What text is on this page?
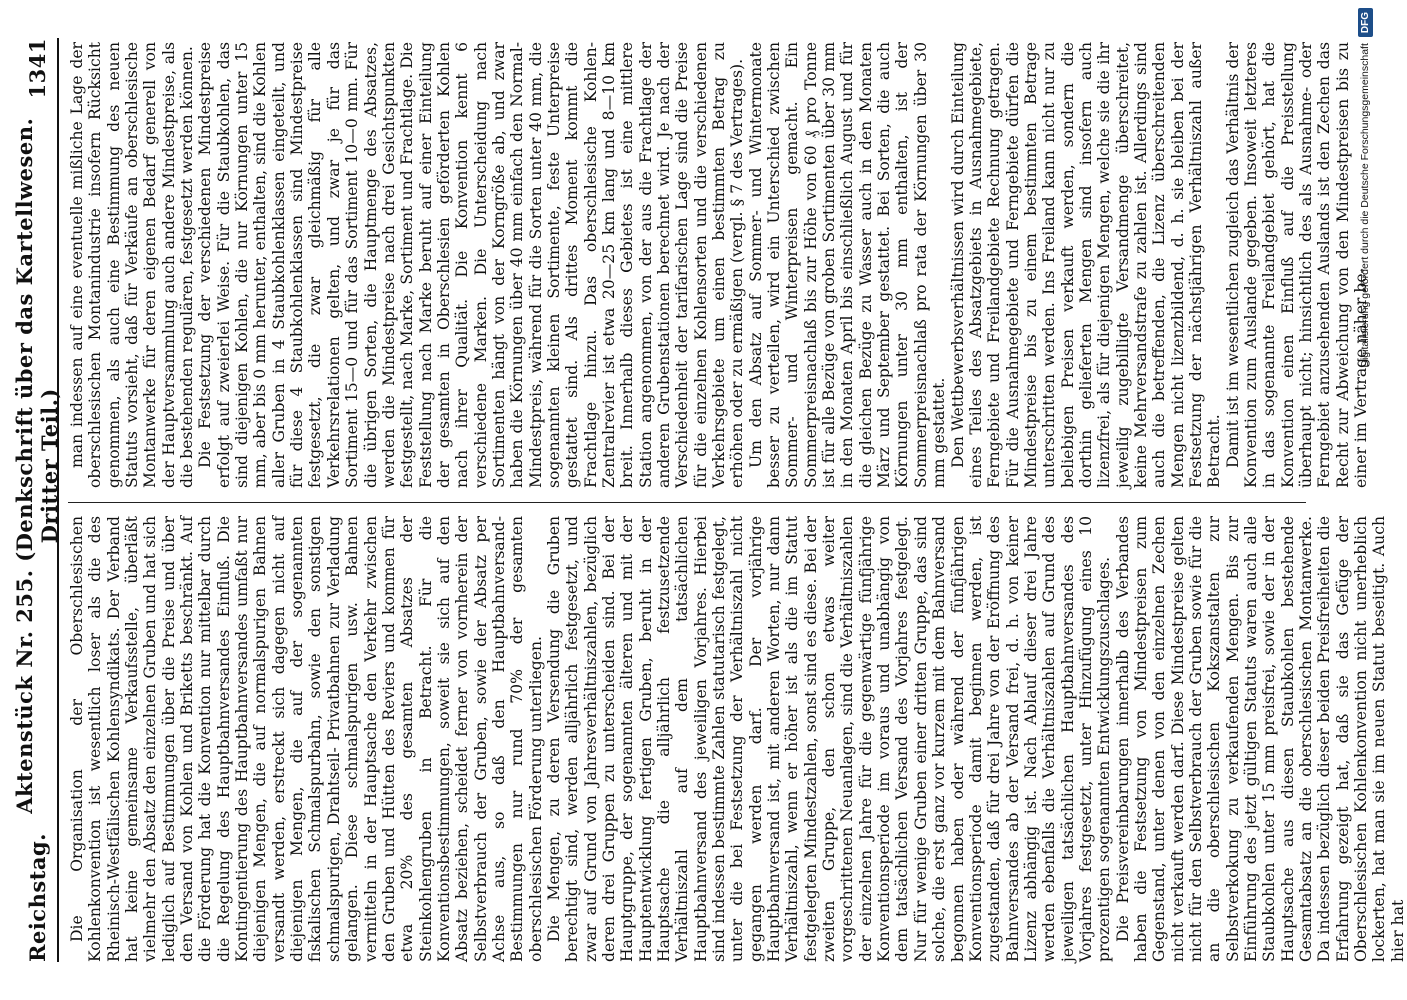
Reichstag.
Aktenstück Nr. 255. (Denkschrift über das Kartellwesen. Dritter Teil.)
1341

Die Organisation der Oberschlesischen Kohlenkonvention ist wesentlich loser als die des Rheinisch-Westfälischen Kohlensyndikats. Der Verband hat keine gemeinsame Verkaufsstelle, überläßt vielmehr den Absatz den einzelnen Gruben und hat sich lediglich auf Bestimmungen über die Preise und über den Versand von Kohlen und Briketts beschränkt. Auf die Förderung hat die Konvention nur mittelbar durch die Regelung des Hauptbahnversandes Einfluß. Die Kontingentierung des Hauptbahnversandes umfaßt nur diejenigen Mengen, die auf normalspurigen Bahnen versandt werden, erstreckt sich dagegen nicht auf diejenigen Mengen, die auf der sogenannten fiskalischen Schmalspurbahn, sowie den sonstigen schmalspurigen, Drahtseil- Privatbahnen zur Verladung gelangen. Diese schmalspurigen usw. Bahnen vermitteln in der Hauptsache den Verkehr zwischen den Gruben und Hütten des Reviers und kommen für etwa 20% des gesamten Absatzes der Steinkohlengruben in Betracht. Für die Konventionsbestimmungen, soweit sie sich auf den Absatz beziehen, scheidet ferner von vornherein der Selbstverbrauch der Gruben, sowie der Absatz per Achse aus, so daß den Hauptbahnversand-Bestimmungen nur rund 70% der gesamten oberschlesischen Förderung unterliegen. Die Mengen, zu deren Versendung die Gruben berechtigt sind, werden alljährlich festgesetzt, und zwar auf Grund von Jahresverhältniszahlen, bezüglich deren drei Gruppen zu unterscheiden sind. Bei der Hauptgruppe, der sogenannten älteren und mit der Hauptentwicklung fertigen Gruben, beruht in der Hauptsache die alljährlich festzusetzende Verhältniszahl auf dem tatsächlichen Hauptbahnversand des jeweiligen Vorjahres. Hierbei sind indessen bestimmte Zahlen statutarisch festgelegt, unter die bei Festsetzung der Verhältniszahl nicht gegangen werden darf. Der vorjährige Hauptbahnversand ist, mit anderen Worten, nur dann Verhältniszahl, wenn er höher ist als die im Statut festgelegten Mindestzahlen, sonst sind es diese. Bei der zweiten Gruppe, den schon etwas weiter vorgeschrittenen Neuanlagen, sind die Verhältniszahlen der einzelnen Jahre für die gegenwärtige fünfjährige Konventionsperiode im voraus und unabhängig von dem tatsächlichen Versand des Vorjahres festgelegt. Nur für wenige Gruben einer dritten Gruppe, das sind solche, die erst ganz vor kurzem mit dem Bahnversand begonnen haben oder während der fünfjährigen Konventionsperiode damit beginnen werden, ist zugestanden, daß für drei Jahre von der Eröffnung des Bahnversandes ab der Versand frei, d. h. von keiner Lizenz abhängig ist. Nach Ablauf dieser drei Jahre werden ebenfalls die Verhältniszahlen auf Grund des jeweiligen tatsächlichen Hauptbahnversandes des Vorjahres festgesetzt, unter Hinzufügung eines 10 prozentigen sogenannten Entwicklungszuschlages. Die Preisvereinbarungen innerhalb des Verbandes haben die Festsetzung von Mindestpreisen zum Gegenstand, unter denen von den einzelnen Zechen nicht verkauft werden darf. Diese Mindestpreise gelten nicht für den Selbstverbrauch der Gruben sowie für die an die oberschlesischen Kokszanstalten zur Selbstverkokung zu verkaufenden Mengen. Bis zur Einführung des jetzt gültigen Statuts waren auch alle Staubkohlen unter 15 mm preisfrei, sowie der in der Hauptsache aus diesen Staubkohlen bestehende Gesamtabsatz an die oberschlesischen Montanwerke. Da indessen bezüglich dieser beiden Preisfreiheiten die Erfahrung gezeigt hat, daß sie das Gefüge der Oberschlesischen Kohlenkonvention nicht unerheblich lockerten, hat man sie im neuen Statut beseitigt. Auch hier hat

man indessen auf eine eventuelle mißliche Lage der oberschlesischen Montanindustrie insofern Rücksicht genommen, als auch eine Bestimmung des neuen Statuts vorsieht, daß für Verkäufe an oberschlesische Montanwerke für deren eigenen Bedarf generell von der Hauptversammlung auch andere Mindestpreise, als die bestehenden regulären, festgesetzt werden können. Die Festsetzung der verschiedenen Mindestpreise erfolgt auf zweierlei Weise. Für die Staubkohlen, das sind diejenigen Kohlen, die nur Körnungen unter 15 mm, aber bis 0 mm herunter, enthalten, sind die Kohlen aller Gruben in 4 Staubkohlenklassen eingeteilt, und für diese 4 Staubkohlenklassen sind Mindestpreise festgesetzt, die zwar gleichmäßig für alle Verkehrsrelationen gelten, und zwar je für das Sortiment 15—0 und für das Sortiment 10—0 mm. Für die übrigen Sorten, die Hauptmenge des Absatzes, werden die Mindestpreise nach drei Gesichtspunkten festgestellt, nach Marke, Sortiment und Frachtlage. Die Feststellung nach Marke beruht auf einer Einteilung der gesamten in Oberschlesien geförderten Kohlen nach ihrer Qualität. Die Konvention kennt 6 verschiedene Marken. Die Unterscheidung nach Sortimenten hängt von der Korngröße ab, und zwar haben die Körnungen über 40 mm einfach den Normal-Mindestpreis, während für die Sorten unter 40 mm, die sogenannten kleinen Sortimente, feste Unterpreise gestattet sind. Als drittes Moment kommt die Frachtlage hinzu. Das oberschlesische Kohlen-Zentralrevier ist etwa 20—25 km lang und 8—10 km breit. Innerhalb dieses Gebietes ist eine mittlere Station angenommen, von der aus die Frachtlage der anderen Grubenstationen berechnet wird. Je nach der Verschiedenheit der tarifarischen Lage sind die Preise für die einzelnen Kohlensorten und die verschiedenen Verkehrsgebiete um einen bestimmten Betrag zu erhöhen oder zu ermäßigen (vergl. § 7 des Vertrages). Um den Absatz auf Sommer- und Wintermonate besser zu verteilen, wird ein Unterschied zwischen Sommer- und Winterpreisen gemacht. Ein Sommerpreisnachlaß bis zur Höhe von 60 ₰ pro Tonne ist für alle Bezüge von groben Sortimenten über 30 mm in den Monaten April bis einschließlich August und für die gleichen Bezüge zu Wasser auch in den Monaten März und September gestattet. Bei Sorten, die auch Körnungen unter 30 mm enthalten, ist der Sommerpreisnachlaß pro rata der Körnungen über 30 mm gestattet. Den Wettbewerbsverhältnissen wird durch Einteilung eines Teiles des Absatzgebiets in Ausnahmegebiete, Ferngebiete und Freilandgebiete Rechnung getragen. Für die Ausnahmegebiete und Ferngebiete dürfen die Mindestpreise bis zu einem bestimmten Betrage unterschritten werden. Ins Freiland kann nicht nur zu beliebigen Preisen verkauft werden, sondern die dorthin gelieferten Mengen sind insofern auch lizenzfrei, als für diejenigen Mengen, welche sie die ihr jeweilig zugebilligte Versandmenge überschreitet, keine Mehrversandstrafe zu zahlen ist. Allerdings sind auch die betreffenden, die Lizenz überschreitenden Mengen nicht lizenzbildend, d. h. sie bleiben bei der Festsetzung der nächstjährigen Verhältniszahl außer Betracht. Damit ist im wesentlichen zugleich das Verhältnis der Konvention zum Auslande gegeben. Insoweit letzteres in das sogenannte Freilandgebiet gehört, hat die Konvention einen Einfluß auf die Preisstellung überhaupt nicht; hinsichtlich des als Ausnahme- oder Ferngebiet anzusehenden Auslands ist den Zechen das Recht zur Abweichung von den Mindestpreisen bis zu einer im Vertrage näher be-

Digitalisierung gefördert durch die Deutsche Forschungsgemeinschaft
DFG
